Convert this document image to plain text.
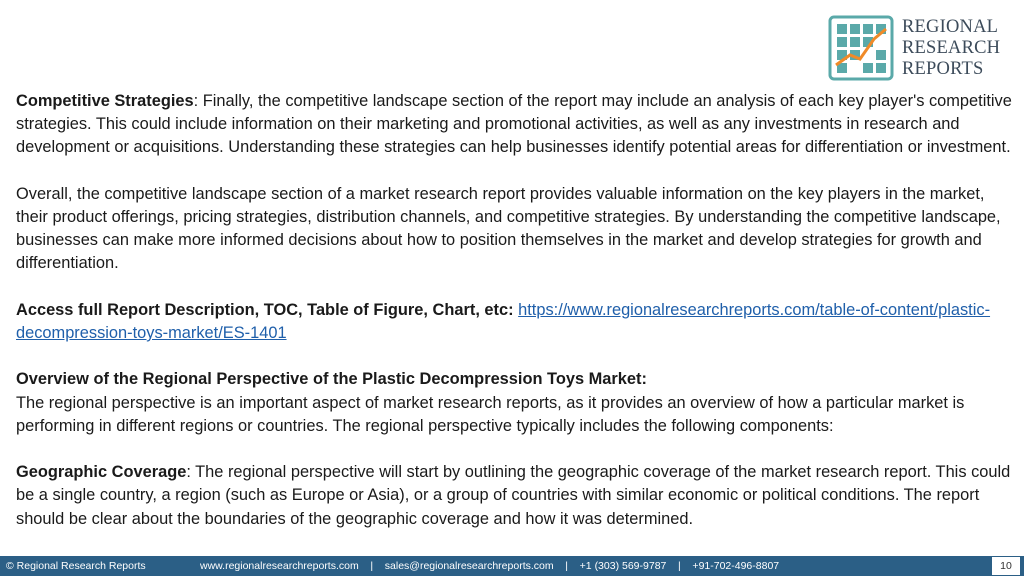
REGIONAL
RESEARCH
REPORTS

Competitive Strategies: Finally, the competitive landscape section of the report may include an analysis of each key player's competitive strategies. This could include information on their marketing and promotional activities, as well as any investments in research and development or acquisitions. Understanding these strategies can help businesses identify potential areas for differentiation or investment.

Overall, the competitive landscape section of a market research report provides valuable information on the key players in the market, their product offerings, pricing strategies, distribution channels, and competitive strategies. By understanding the competitive landscape, businesses can make more informed decisions about how to position themselves in the market and develop strategies for growth and differentiation.

Access full Report Description, TOC, Table of Figure, Chart, etc: https://www.regionalresearchreports.com/table-of-content/plastic-decompression-toys-market/ES-1401

Overview of the Regional Perspective of the Plastic Decompression Toys Market:
The regional perspective is an important aspect of market research reports, as it provides an overview of how a particular market is performing in different regions or countries. The regional perspective typically includes the following components:

Geographic Coverage: The regional perspective will start by outlining the geographic coverage of the market research report. This could be a single country, a region (such as Europe or Asia), or a group of countries with similar economic or political conditions. The report should be clear about the boundaries of the geographic coverage and how it was determined.

© Regional Research Reports	www.regionalresearchreports.com    |    sales@regionalresearchreports.com    |    +1 (303) 569-9787    |    +91-702-496-8807	10
